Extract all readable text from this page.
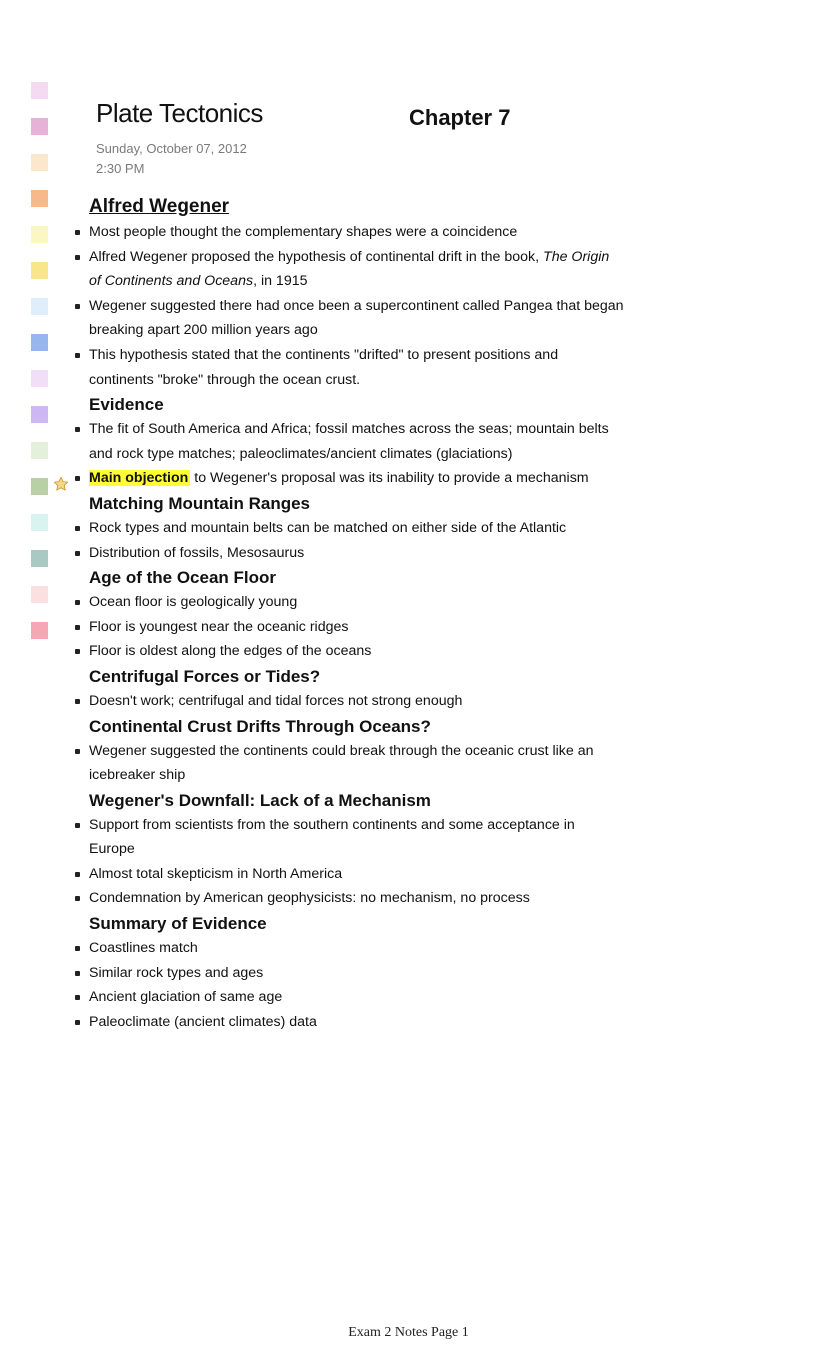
Plate Tectonics	Chapter 7
Sunday, October 07, 2012
2:30 PM
Alfred Wegener
Most people thought the complementary shapes were a coincidence
Alfred Wegener proposed the hypothesis of continental drift in the book, The Origin
of Continents and Oceans, in 1915
Wegener suggested there had once been a supercontinent called Pangea that began
breaking apart 200 million years ago
This hypothesis stated that the continents "drifted" to present positions and
continents "broke" through the ocean crust.
Evidence
The fit of South America and Africa; fossil matches across the seas; mountain belts
and rock type matches; paleoclimates/ancient climates (glaciations)
Main objection to Wegener's proposal was its inability to provide a mechanism
Matching Mountain Ranges
Rock types and mountain belts can be matched on either side of the Atlantic
Distribution of fossils, Mesosaurus
Age of the Ocean Floor
Ocean floor is geologically young
Floor is youngest near the oceanic ridges
Floor is oldest along the edges of the oceans
Centrifugal Forces or Tides?
Doesn't work; centrifugal and tidal forces not strong enough
Continental Crust Drifts Through Oceans?
Wegener suggested the continents could break through the oceanic crust like an
icebreaker ship
Wegener's Downfall: Lack of a Mechanism
Support from scientists from the southern continents and some acceptance in
Europe
Almost total skepticism in North America
Condemnation by American geophysicists: no mechanism, no process
Summary of Evidence
Coastlines match
Similar rock types and ages
Ancient glaciation of same age
Paleoclimate (ancient climates) data
Exam 2 Notes Page 1
